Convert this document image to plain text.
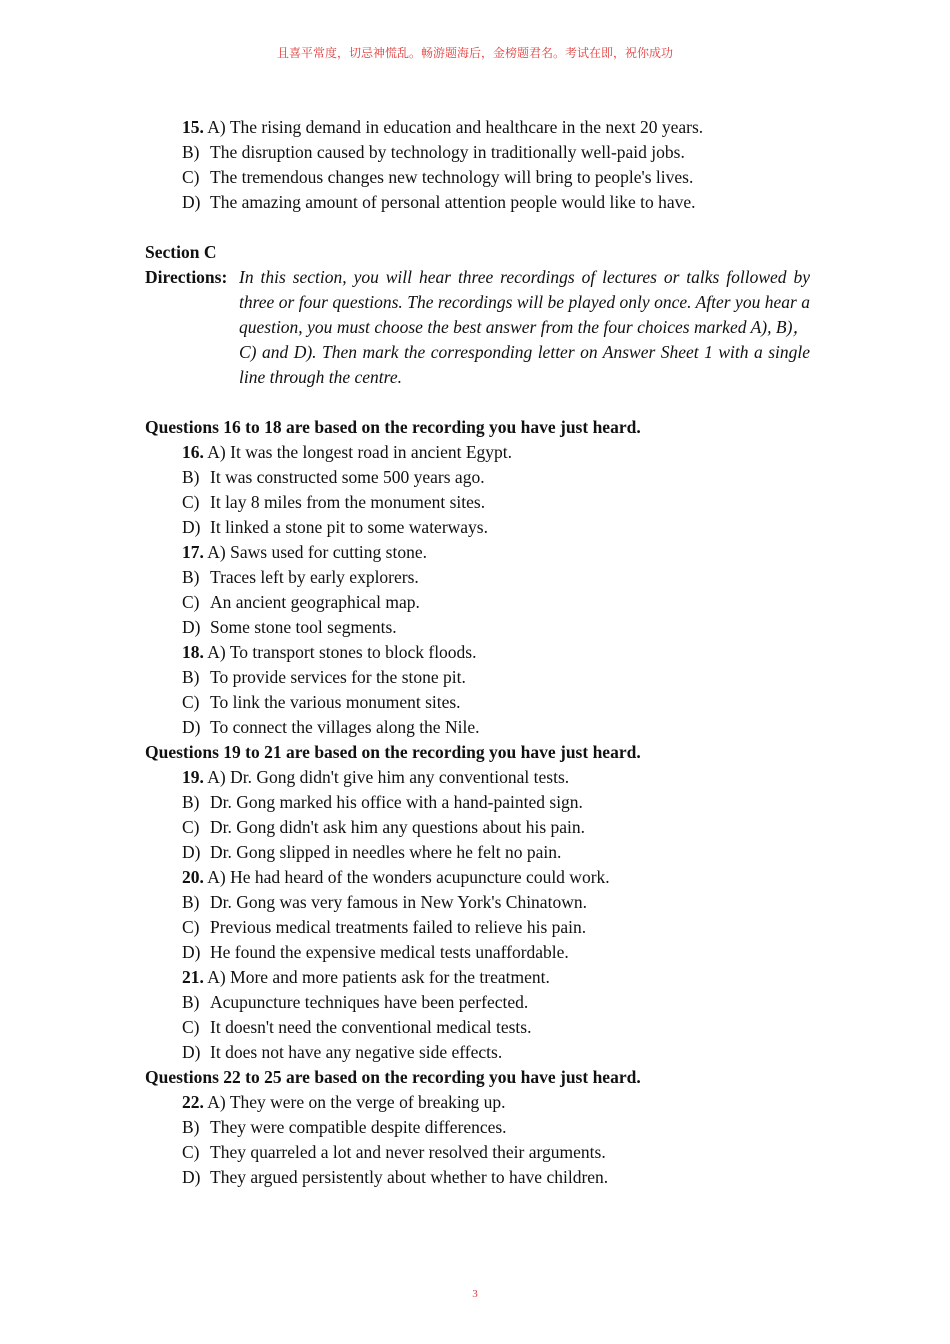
且喜平常度，切忌神慌乱。畅游题海后，金榜题君名。考试在即，祝你成功
15. A) The rising demand in education and healthcare in the next 20 years.
B) The disruption caused by technology in traditionally well-paid jobs.
C) The tremendous changes new technology will bring to people's lives.
D) The amazing amount of personal attention people would like to have.
Section C
Directions: In this section, you will hear three recordings of lectures or talks followed by three or four questions. The recordings will be played only once. After you hear a question, you must choose the best answer from the four choices marked A), B)，C) and D). Then mark the corresponding letter on Answer Sheet 1 with a single line through the centre.
Questions 16 to 18 are based on the recording you have just heard.
16. A) It was the longest road in ancient Egypt.
B) It was constructed some 500 years ago.
C) It lay 8 miles from the monument sites.
D) It linked a stone pit to some waterways.
17. A) Saws used for cutting stone.
B) Traces left by early explorers.
C) An ancient geographical map.
D) Some stone tool segments.
18. A) To transport stones to block floods.
B) To provide services for the stone pit.
C) To link the various monument sites.
D) To connect the villages along the Nile.
Questions 19 to 21 are based on the recording you have just heard.
19. A) Dr. Gong didn't give him any conventional tests.
B) Dr. Gong marked his office with a hand-painted sign.
C) Dr. Gong didn't ask him any questions about his pain.
D) Dr. Gong slipped in needles where he felt no pain.
20. A) He had heard of the wonders acupuncture could work.
B) Dr. Gong was very famous in New York's Chinatown.
C) Previous medical treatments failed to relieve his pain.
D) He found the expensive medical tests unaffordable.
21. A) More and more patients ask for the treatment.
B) Acupuncture techniques have been perfected.
C) It doesn't need the conventional medical tests.
D) It does not have any negative side effects.
Questions 22 to 25 are based on the recording you have just heard.
22. A) They were on the verge of breaking up.
B) They were compatible despite differences.
C) They quarreled a lot and never resolved their arguments.
D) They argued persistently about whether to have children.
3
